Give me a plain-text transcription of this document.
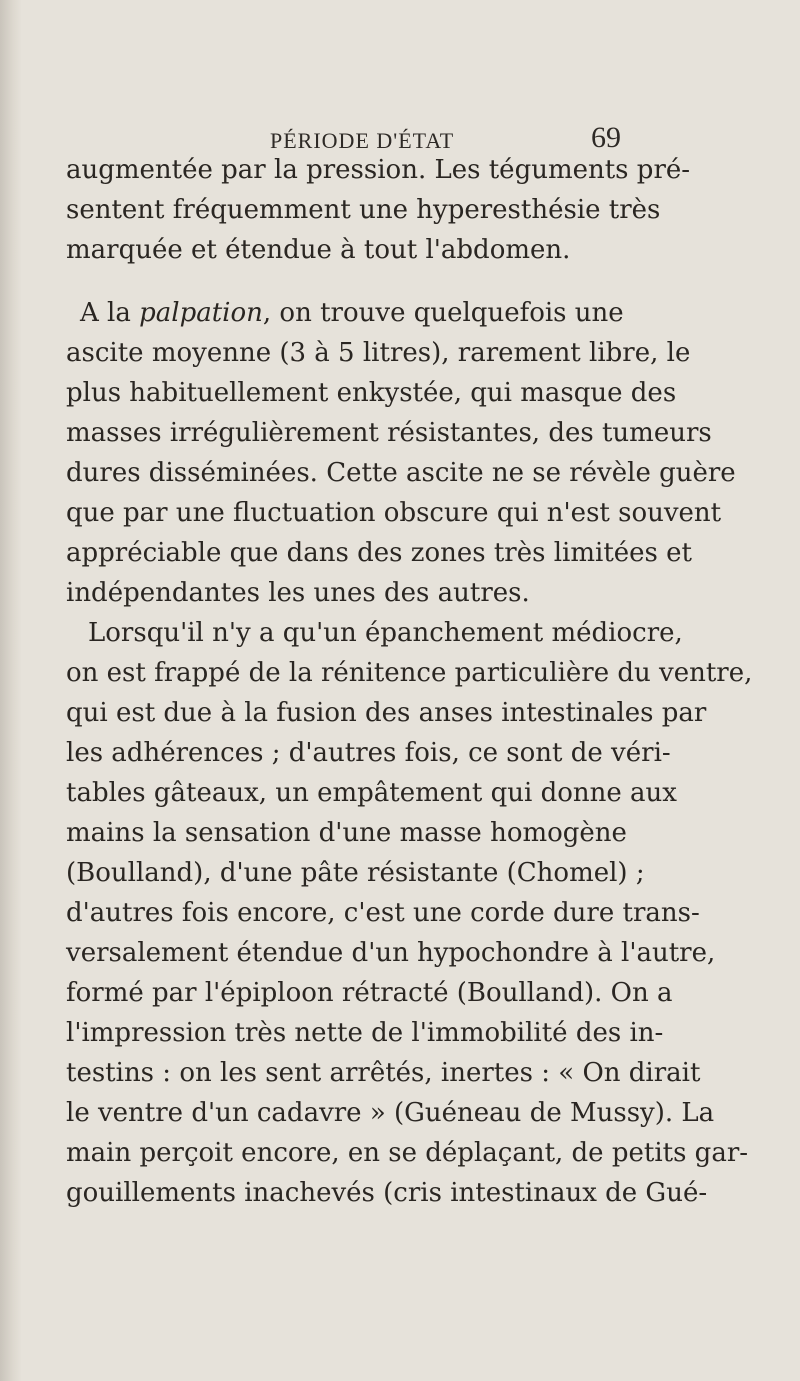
PÉRIODE D'ÉTAT	69
augmentée par la pression. Les téguments pré-
sentent fréquemment une hyperesthésie très
marquée et étendue à tout l'abdomen.
A la palpation, on trouve quelquefois une
ascite moyenne (3 à 5 litres), rarement libre, le
plus habituellement enkystée, qui masque des
masses irrégulièrement résistantes, des tumeurs
dures disséminées. Cette ascite ne se révèle guère
que par une fluctuation obscure qui n'est souvent
appréciable que dans des zones très limitées et
indépendantes les unes des autres.
Lorsqu'il n'y a qu'un épanchement médiocre,
on est frappé de la rénitence particulière du ventre,
qui est due à la fusion des anses intestinales par
les adhérences ; d'autres fois, ce sont de véri-
tables gâteaux, un empâtement qui donne aux
mains la sensation d'une masse homogène
(Boulland), d'une pâte résistante (Chomel) ;
d'autres fois encore, c'est une corde dure trans-
versalement étendue d'un hypochondre à l'autre,
formé par l'épiploon rétracté (Boulland). On a
l'impression très nette de l'immobilité des in-
testins : on les sent arrêtés, inertes : « On dirait
le ventre d'un cadavre » (Guéneau de Mussy). La
main perçoit encore, en se déplaçant, de petits gar-
gouillements inachevés (cris intestinaux de Gué-
